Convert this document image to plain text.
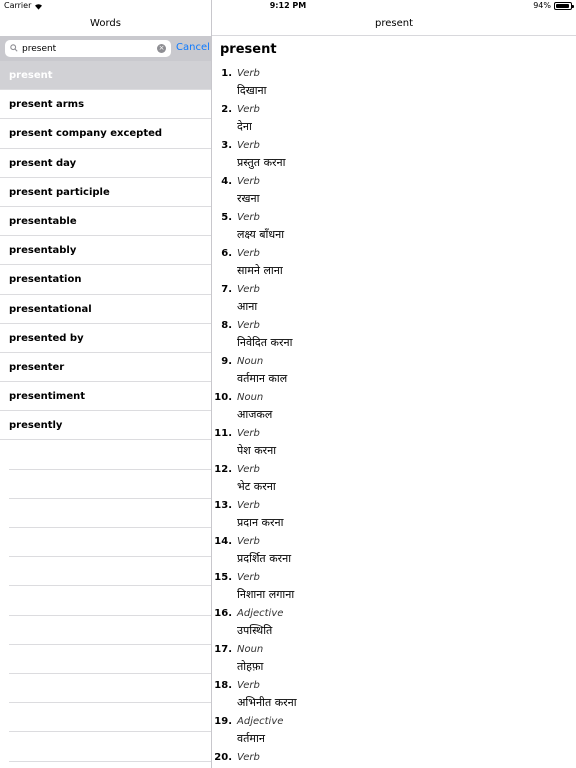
Words
present
× Cancel
present
present arms
present company excepted
present day
present participle
presentable
presentably
presentation
presentational
presented by
presenter
presentiment
presently
present
present
1. Verb
दिखाना
2. Verb
देना
3. Verb
प्रस्तुत करना
4. Verb
रखना
5. Verb
लक्ष्य बाँधना
6. Verb
सामने लाना
7. Verb
आना
8. Verb
निवेदित करना
9. Noun
वर्तमान काल
10. Noun
आजकल
11. Verb
पेश करना
12. Verb
भेट करना
13. Verb
प्रदान करना
14. Verb
प्रदर्शित करना
15. Verb
निशाना लगाना
16. Adjective
उपस्थिति
17. Noun
तोहफ़ा
18. Verb
अभिनीत करना
19. Adjective
वर्तमान
20. Verb
Carrier	9:12 PM	94%
